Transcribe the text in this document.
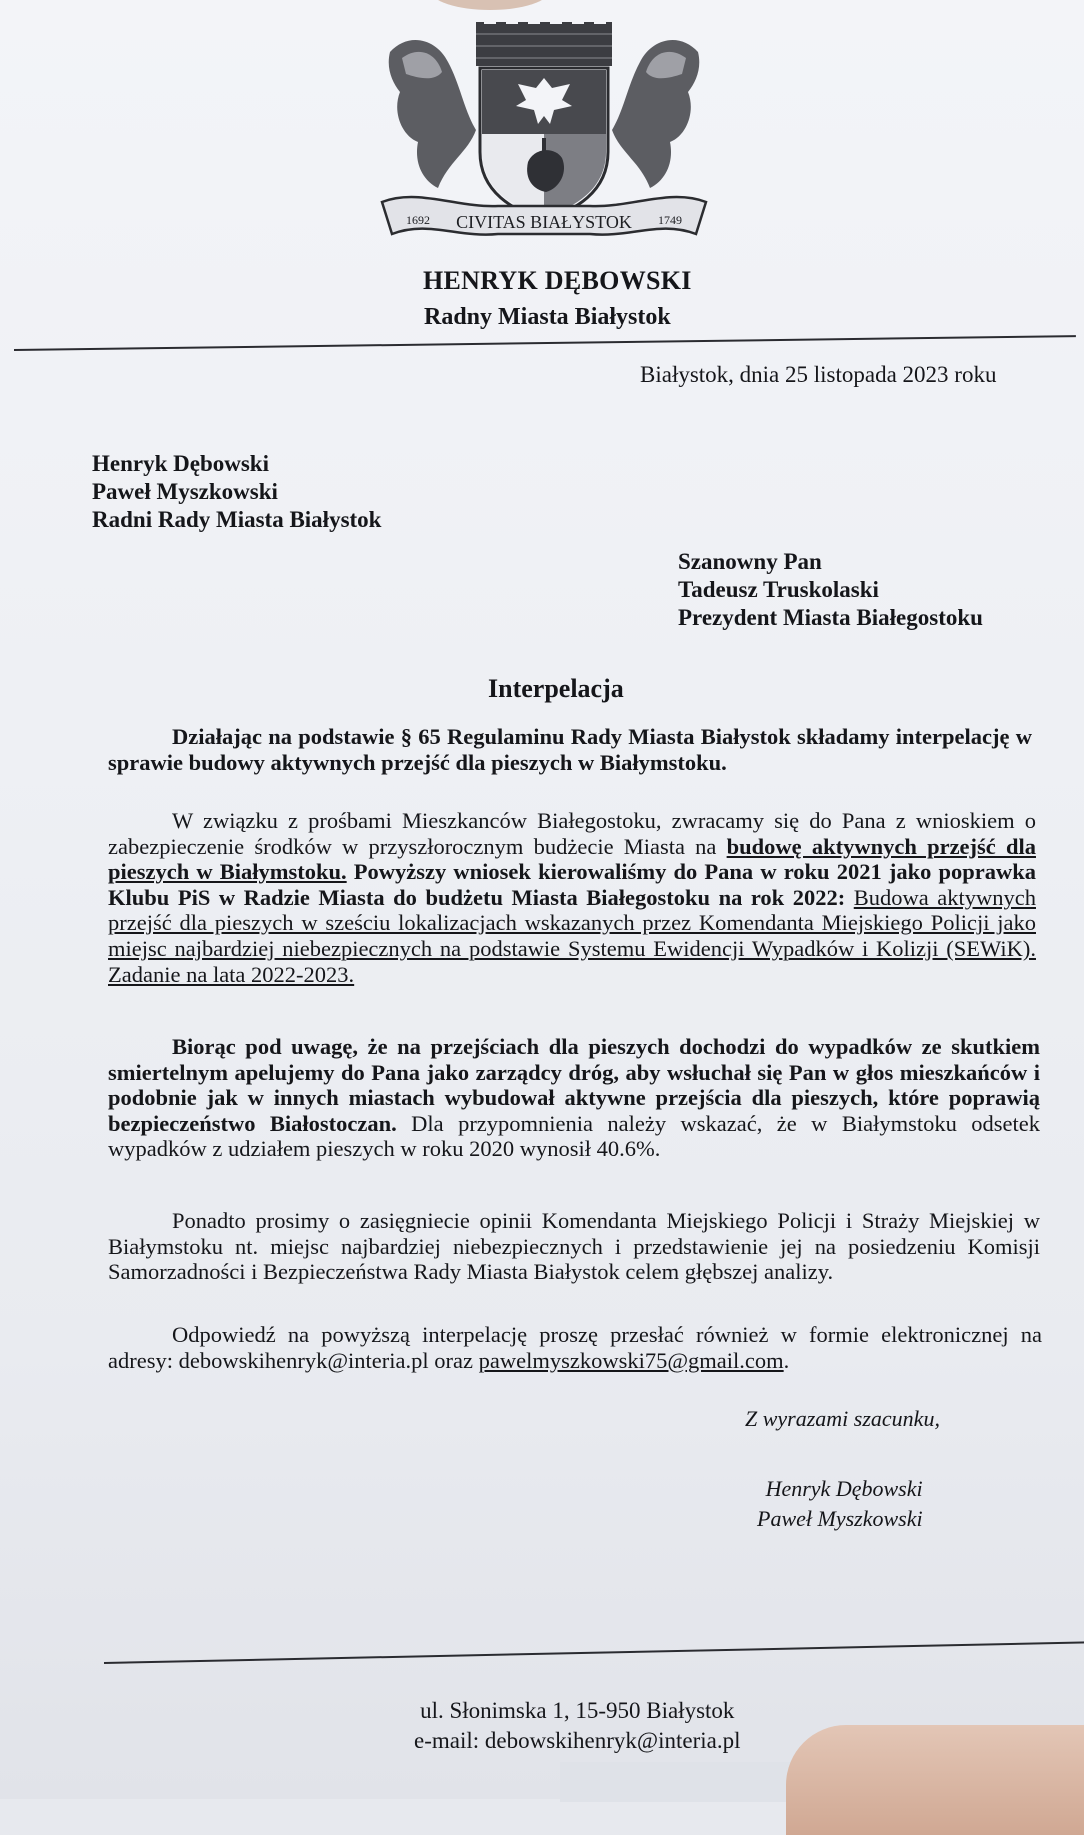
CIVITAS BIAŁYSTOK
1692	1749
HENRYK DĘBOWSKI
Radny Miasta Białystok
Białystok, dnia 25 listopada 2023 roku
Henryk Dębowski
Paweł Myszkowski
Radni Rady Miasta Białystok
Szanowny Pan
Tadeusz Truskolaski
Prezydent Miasta Białegostoku
Interpelacja
Działając na podstawie § 65 Regulaminu Rady Miasta Białystok składamy interpelację w sprawie budowy aktywnych przejść dla pieszych w Białymstoku.
W związku z prośbami Mieszkanców Białegostoku, zwracamy się do Pana z wnioskiem o zabezpieczenie środków w przyszłorocznym budżecie Miasta na budowę aktywnych przejść dla pieszych w Białymstoku. Powyższy wniosek kierowaliśmy do Pana w roku 2021 jako poprawka Klubu PiS w Radzie Miasta do budżetu Miasta Białegostoku na rok 2022: Budowa aktywnych przejść dla pieszych w sześciu lokalizacjach wskazanych przez Komendanta Miejskiego Policji jako miejsc najbardziej niebezpiecznych na podstawie Systemu Ewidencji Wypadków i Kolizji (SEWiK). Zadanie na lata 2022-2023.
Biorąc pod uwagę, że na przejściach dla pieszych dochodzi do wypadków ze skutkiem smiertelnym apelujemy do Pana jako zarządcy dróg, aby wsłuchał się Pan w głos mieszkańców i podobnie jak w innych miastach wybudował aktywne przejścia dla pieszych, które poprawią bezpieczeństwo Białostoczan. Dla przypomnienia należy wskazać, że w Białymstoku odsetek wypadków z udziałem pieszych w roku 2020 wynosił 40.6%.
Ponadto prosimy o zasięgniecie opinii Komendanta Miejskiego Policji i Straży Miejskiej w Białymstoku nt. miejsc najbardziej niebezpiecznych i przedstawienie jej na posiedzeniu Komisji Samorzadności i Bezpieczeństwa Rady Miasta Białystok celem głębszej analizy.
Odpowiedź na powyższą interpelację proszę przesłać również w formie elektronicznej na adresy: debowskihenryk@interia.pl oraz pawelmyszkowski75@gmail.com.
Z wyrazami szacunku,
Henryk Dębowski
Paweł Myszkowski
ul. Słonimska 1, 15-950 Białystok
e-mail: debowskihenryk@interia.pl
